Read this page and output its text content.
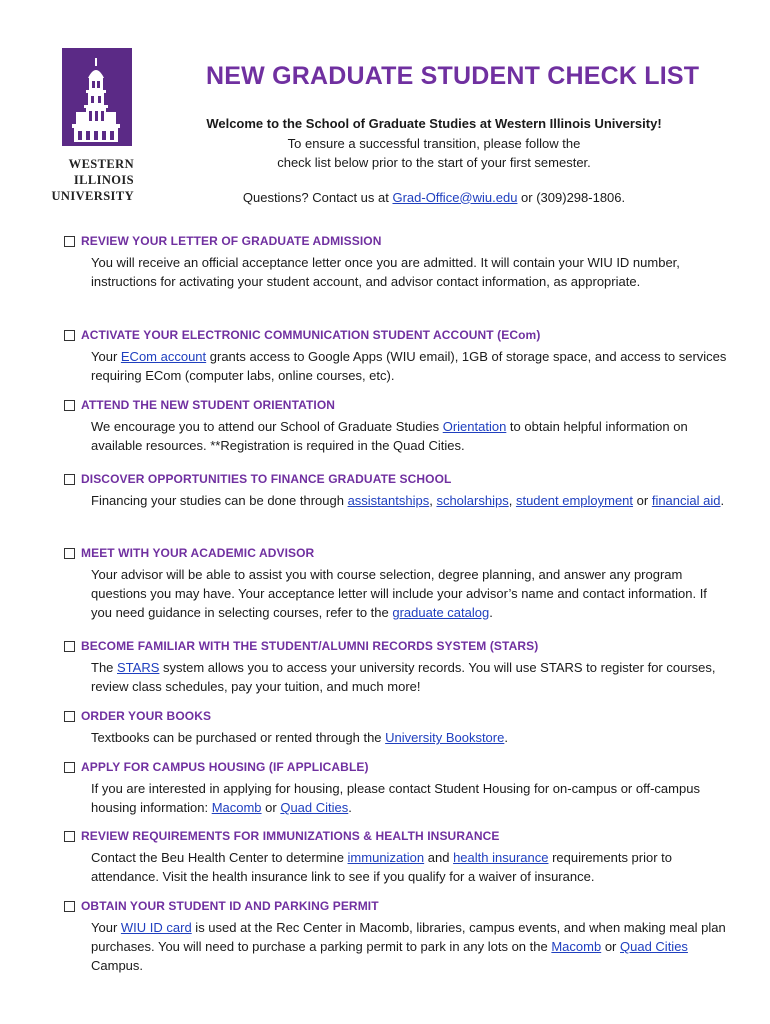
WESTERN
ILLINOIS
UNIVERSITY
NEW GRADUATE STUDENT CHECK LIST
Welcome to the School of Graduate Studies at Western Illinois University!
To ensure a successful transition, please follow the
check list below prior to the start of your first semester.
Questions? Contact us at Grad-Office@wiu.edu or (309)298-1806.
REVIEW YOUR LETTER OF GRADUATE ADMISSION
You will receive an official acceptance letter once you are admitted. It will contain your WIU ID number, instructions for activating your student account, and advisor contact information, as appropriate.
ACTIVATE YOUR ELECTRONIC COMMUNICATION STUDENT ACCOUNT (ECom)
Your ECom account grants access to Google Apps (WIU email), 1GB of storage space, and access to services requiring ECom (computer labs, online courses, etc).
ATTEND THE NEW STUDENT ORIENTATION
We encourage you to attend our School of Graduate Studies Orientation to obtain helpful information on available resources. **Registration is required in the Quad Cities.
DISCOVER OPPORTUNITIES TO FINANCE GRADUATE SCHOOL
Financing your studies can be done through assistantships, scholarships, student employment or financial aid.
MEET WITH YOUR ACADEMIC ADVISOR
Your advisor will be able to assist you with course selection, degree planning, and answer any program questions you may have. Your acceptance letter will include your advisor’s name and contact information. If you need guidance in selecting courses, refer to the graduate catalog.
BECOME FAMILIAR WITH THE STUDENT/ALUMNI RECORDS SYSTEM (STARS)
The STARS system allows you to access your university records. You will use STARS to register for courses, review class schedules, pay your tuition, and much more!
ORDER YOUR BOOKS
Textbooks can be purchased or rented through the University Bookstore.
APPLY FOR CAMPUS HOUSING (IF APPLICABLE)
If you are interested in applying for housing, please contact Student Housing for on-campus or off-campus housing information: Macomb or Quad Cities.
REVIEW REQUIREMENTS FOR IMMUNIZATIONS & HEALTH INSURANCE
Contact the Beu Health Center to determine immunization and health insurance requirements prior to attendance. Visit the health insurance link to see if you qualify for a waiver of insurance.
OBTAIN YOUR STUDENT ID AND PARKING PERMIT
Your WIU ID card is used at the Rec Center in Macomb, libraries, campus events, and when making meal plan purchases. You will need to purchase a parking permit to park in any lots on the Macomb or Quad Cities Campus.
